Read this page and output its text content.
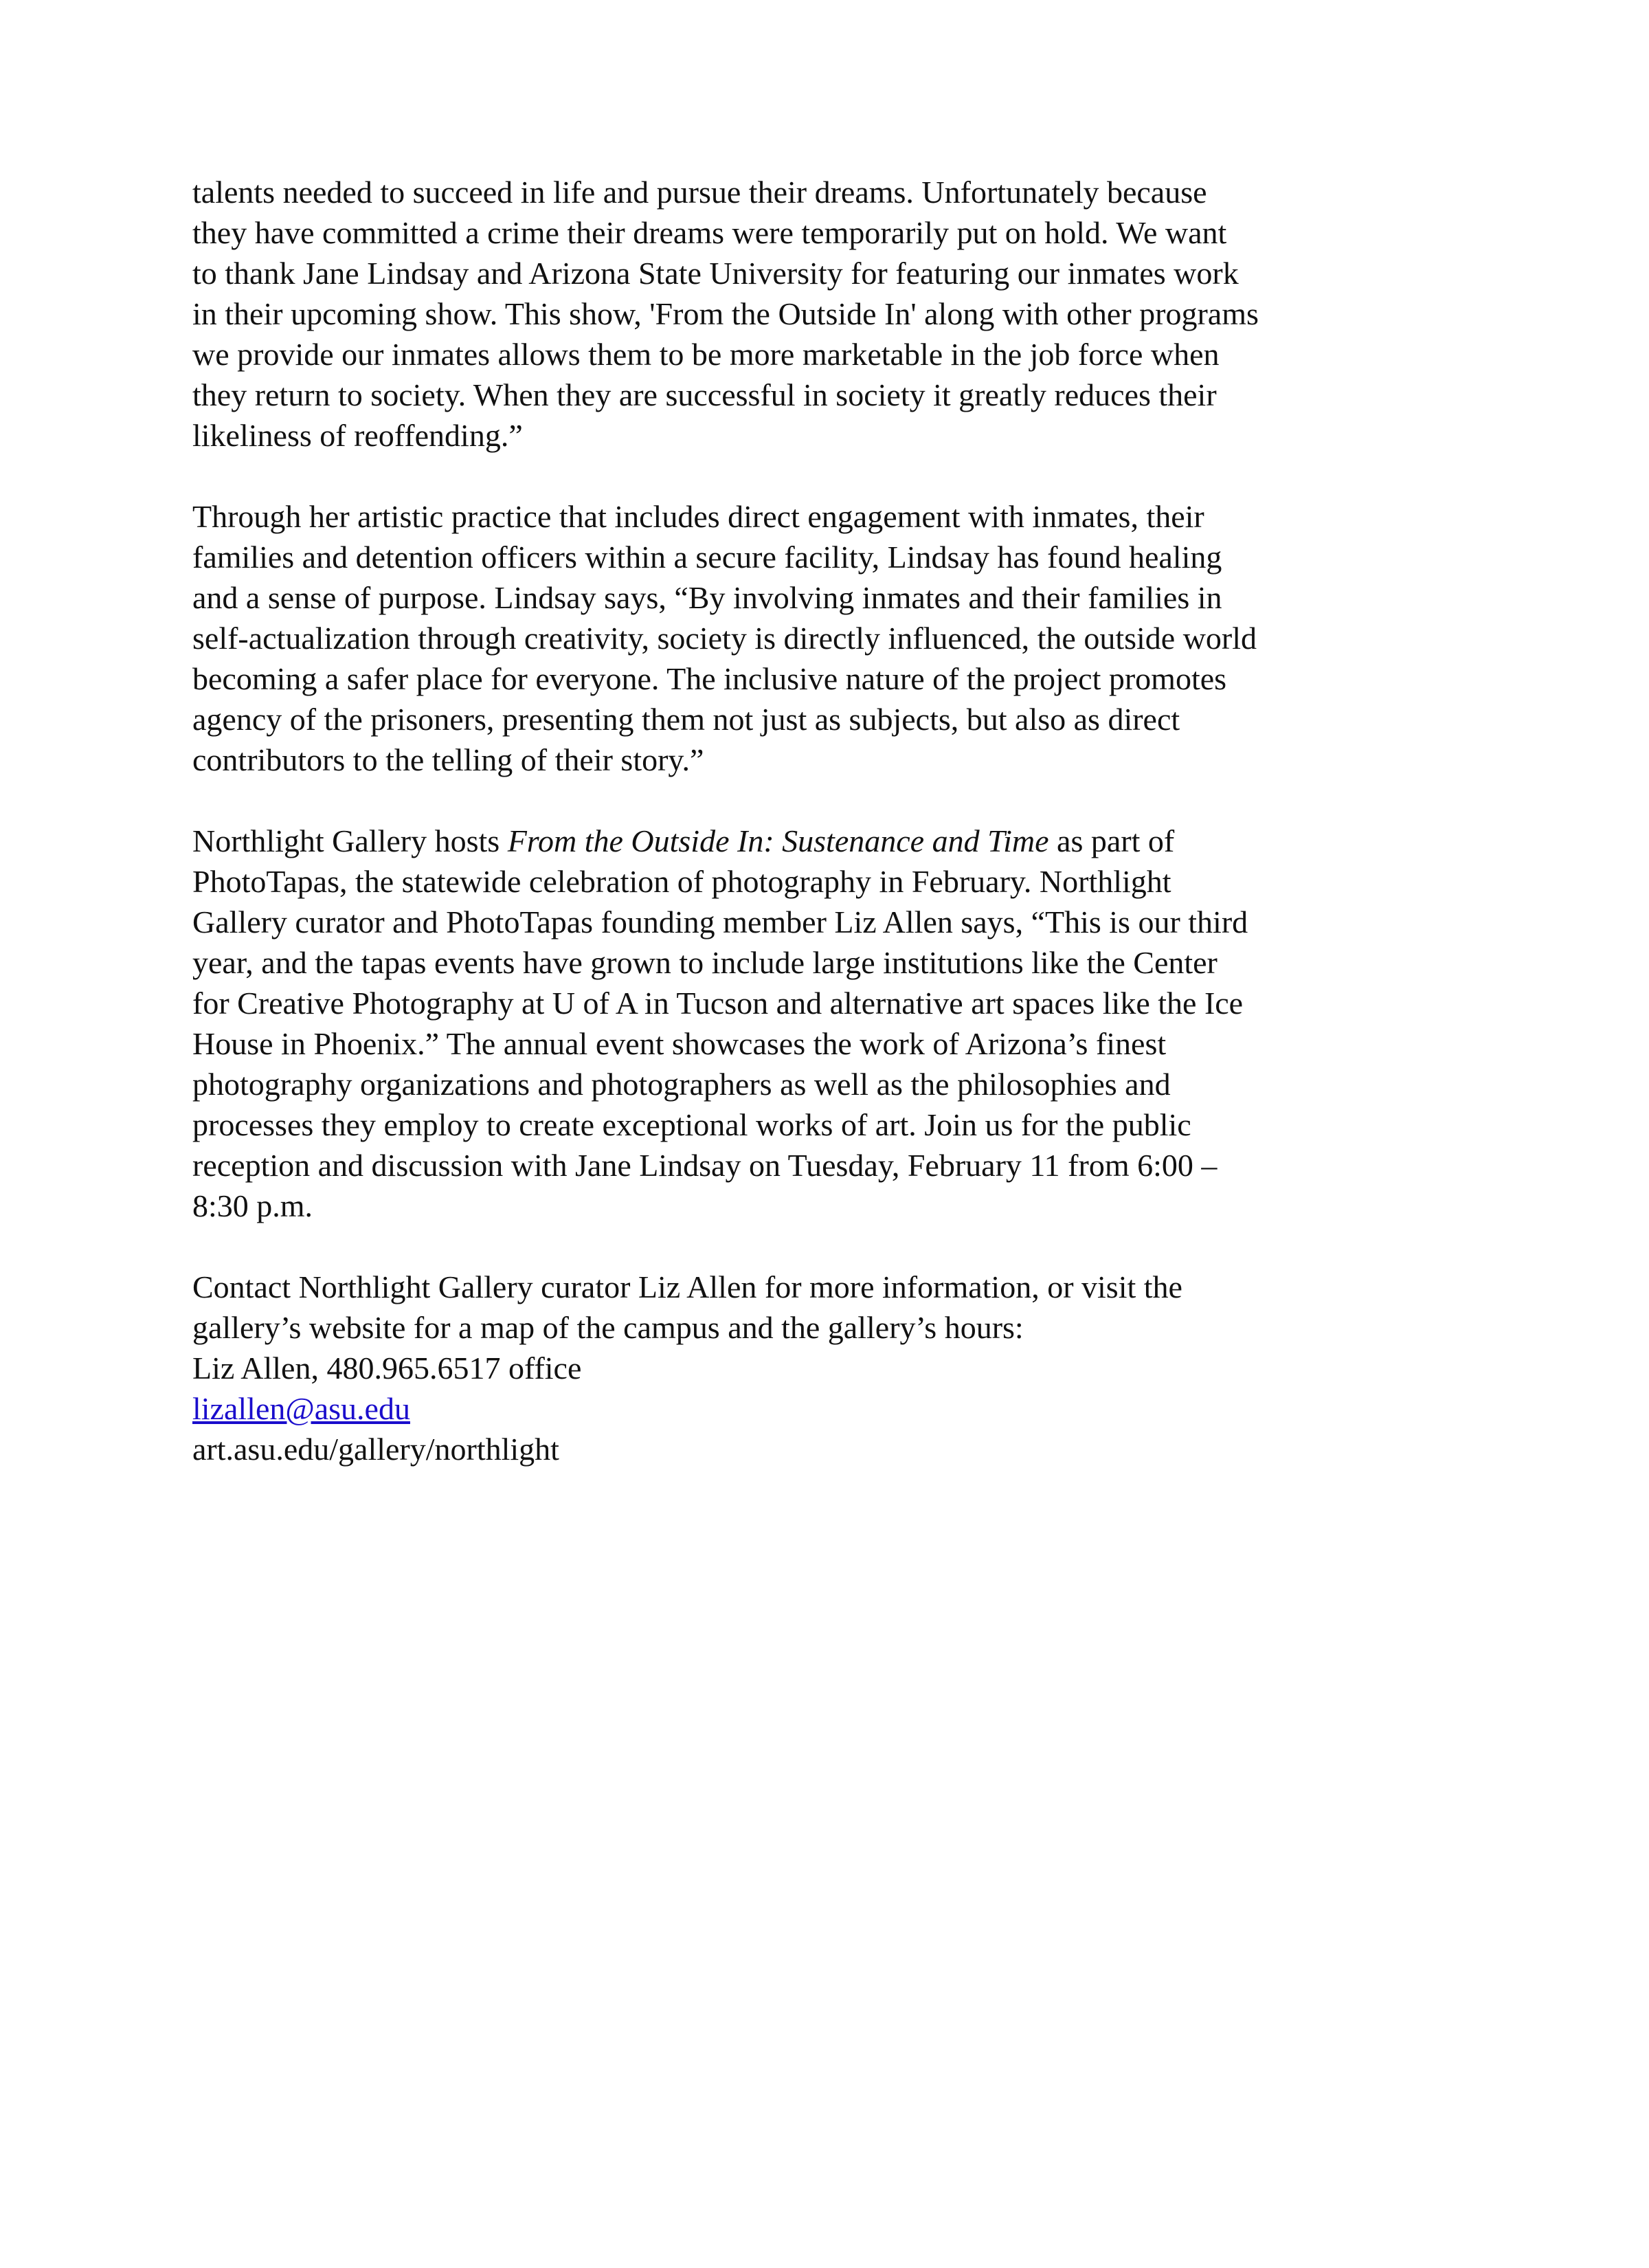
talents needed to succeed in life and pursue their dreams. Unfortunately because
they have committed a crime their dreams were temporarily put on hold. We want
to thank Jane Lindsay and Arizona State University for featuring our inmates work
in their upcoming show. This show, 'From the Outside In' along with other programs
we provide our inmates allows them to be more marketable in the job force when
they return to society. When they are successful in society it greatly reduces their
likeliness of reoffending.”

Through her artistic practice that includes direct engagement with inmates, their
families and detention officers within a secure facility, Lindsay has found healing
and a sense of purpose. Lindsay says, “By involving inmates and their families in
self-actualization through creativity, society is directly influenced, the outside world
becoming a safer place for everyone. The inclusive nature of the project promotes
agency of the prisoners, presenting them not just as subjects, but also as direct
contributors to the telling of their story.”

Northlight Gallery hosts From the Outside In: Sustenance and Time as part of
PhotoTapas, the statewide celebration of photography in February. Northlight
Gallery curator and PhotoTapas founding member Liz Allen says, “This is our third
year, and the tapas events have grown to include large institutions like the Center
for Creative Photography at U of A in Tucson and alternative art spaces like the Ice
House in Phoenix.” The annual event showcases the work of Arizona’s finest
photography organizations and photographers as well as the philosophies and
processes they employ to create exceptional works of art. Join us for the public
reception and discussion with Jane Lindsay on Tuesday, February 11 from 6:00 –
8:30 p.m.

Contact Northlight Gallery curator Liz Allen for more information, or visit the
gallery’s website for a map of the campus and the gallery’s hours:
Liz Allen, 480.965.6517 office
lizallen@asu.edu
art.asu.edu/gallery/northlight
